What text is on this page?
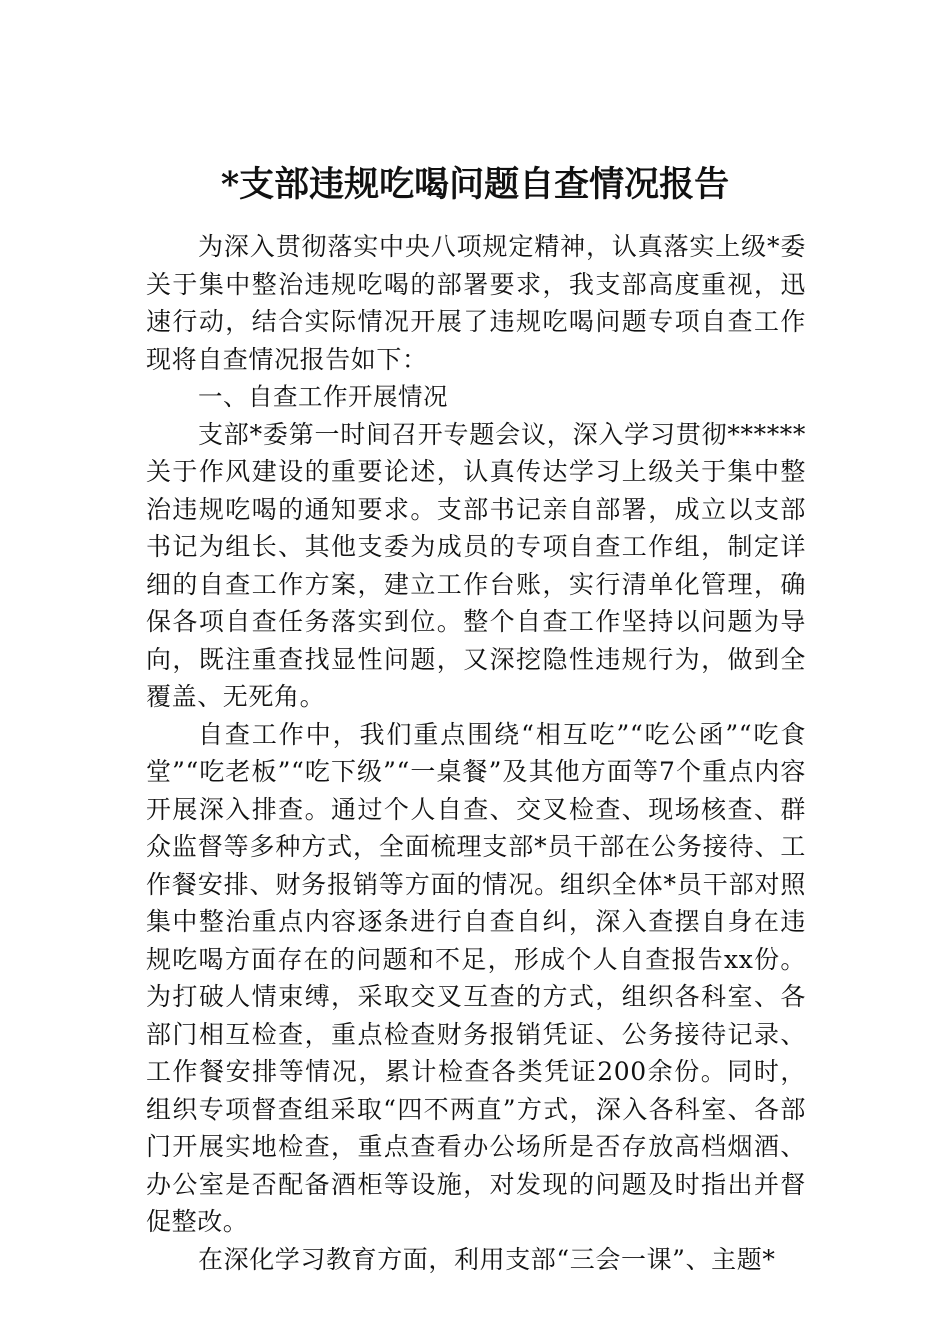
*支部违规吃喝问题自查情况报告

为深入贯彻落实中央八项规定精神，认真落实上级*委关于集中整治违规吃喝的部署要求，我支部高度重视，迅速行动，结合实际情况开展了违规吃喝问题专项自查工作现将自查情况报告如下：

一、自查工作开展情况

支部*委第一时间召开专题会议，深入学习贯彻******关于作风建设的重要论述，认真传达学习上级关于集中整治违规吃喝的通知要求。支部书记亲自部署，成立以支部书记为组长、其他支委为成员的专项自查工作组，制定详细的自查工作方案，建立工作台账，实行清单化管理，确保各项自查任务落实到位。整个自查工作坚持以问题为导向，既注重查找显性问题，又深挖隐性违规行为，做到全覆盖、无死角。

自查工作中，我们重点围绕“相互吃”“吃公函”“吃食堂”“吃老板”“吃下级”“一桌餐”及其他方面等7个重点内容开展深入排查。通过个人自查、交叉检查、现场核查、群众监督等多种方式，全面梳理支部*员干部在公务接待、工作餐安排、财务报销等方面的情况。组织全体*员干部对照集中整治重点内容逐条进行自查自纠，深入查摆自身在违规吃喝方面存在的问题和不足，形成个人自查报告xx份。为打破人情束缚，采取交叉互查的方式，组织各科室、各部门相互检查，重点检查财务报销凭证、公务接待记录、工作餐安排等情况，累计检查各类凭证200余份。同时，组织专项督查组采取“四不两直”方式，深入各科室、各部门开展实地检查，重点查看办公场所是否存放高档烟酒、办公室是否配备酒柜等设施，对发现的问题及时指出并督促整改。

在深化学习教育方面，利用支部“三会一课”、主题*
